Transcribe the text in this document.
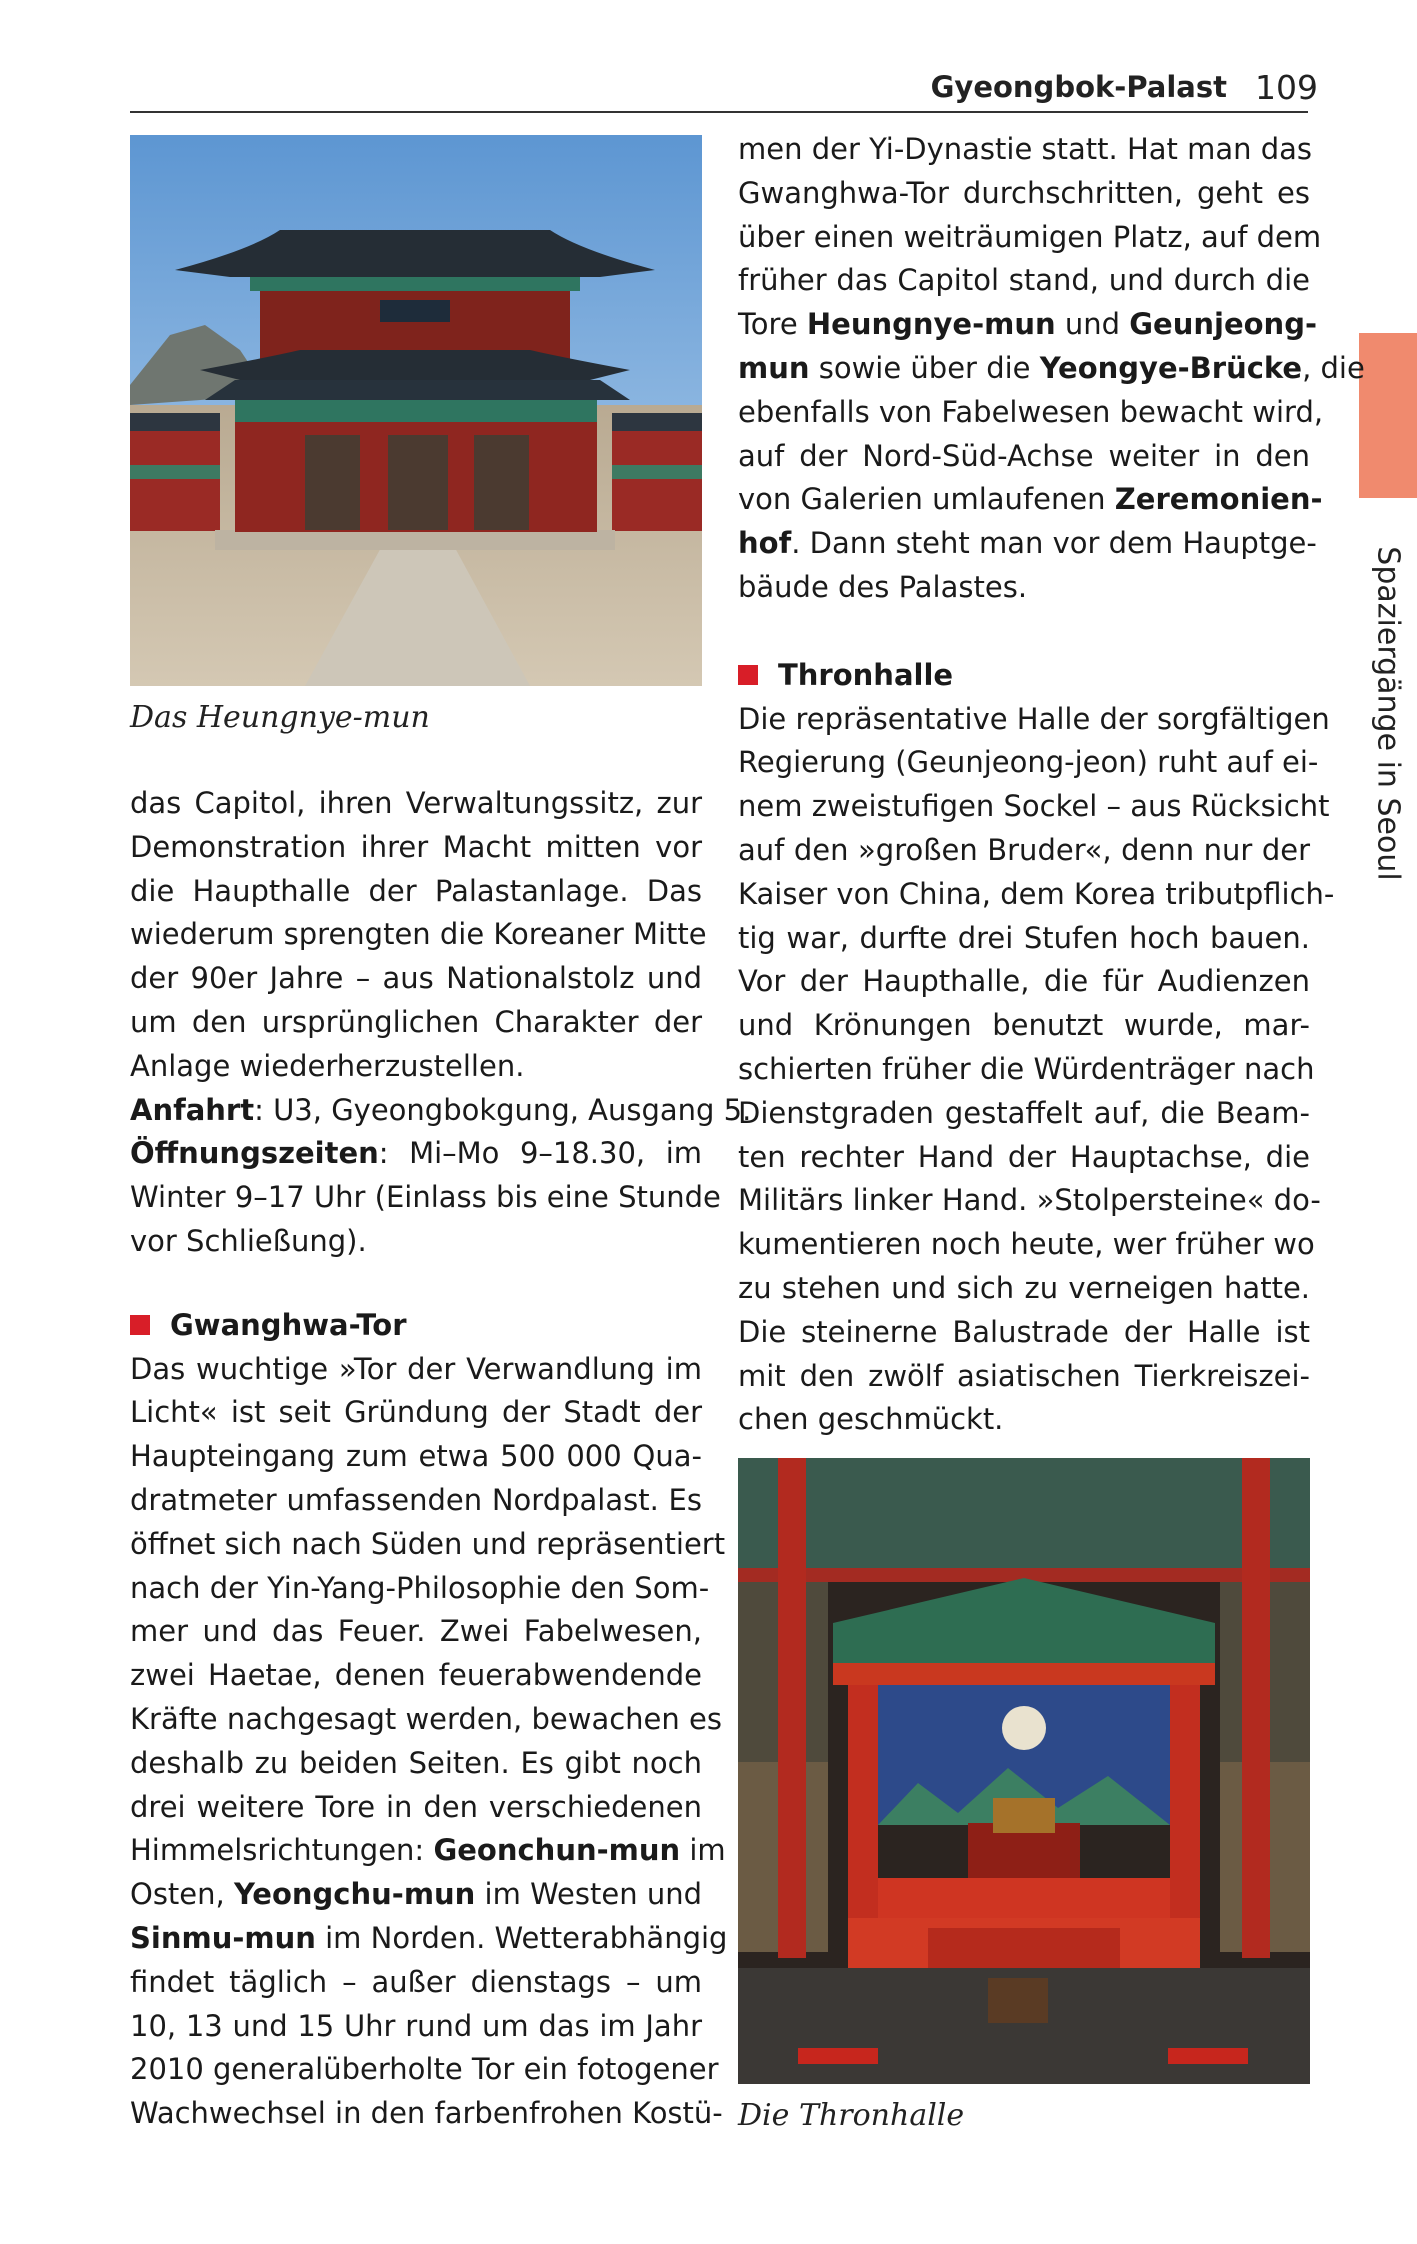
Gyeongbok-Palast 109
Spaziergänge in Seoul
Das Heungnye-mun
das Capitol, ihren Verwaltungssitz, zur
Demonstration ihrer Macht mitten vor
die Haupthalle der Palastanlage. Das
wiederum sprengten die Koreaner Mitte
der 90er Jahre – aus Nationalstolz und
um den ursprünglichen Charakter der
Anlage wiederherzustellen.
Anfahrt: U3, Gyeongbokgung, Ausgang 5.
Öffnungszeiten: Mi–Mo 9–18.30, im
Winter 9–17 Uhr (Einlass bis eine Stunde
vor Schließung).
Gwanghwa-Tor
Das wuchtige »Tor der Verwandlung im
Licht« ist seit Gründung der Stadt der
Haupteingang zum etwa 500 000 Qua-
dratmeter umfassenden Nordpalast. Es
öffnet sich nach Süden und repräsentiert
nach der Yin-Yang-Philosophie den Som-
mer und das Feuer. Zwei Fabelwesen,
zwei Haetae, denen feuerabwendende
Kräfte nachgesagt werden, bewachen es
deshalb zu beiden Seiten. Es gibt noch
drei weitere Tore in den verschiedenen
Himmelsrichtungen: Geonchun-mun im
Osten, Yeongchu-mun im Westen und
Sinmu-mun im Norden. Wetterabhängig
findet täglich – außer dienstags – um
10, 13 und 15 Uhr rund um das im Jahr
2010 generalüberholte Tor ein fotogener
Wachwechsel in den farbenfrohen Kostü-
men der Yi-Dynastie statt. Hat man das
Gwanghwa-Tor durchschritten, geht es
über einen weiträumigen Platz, auf dem
früher das Capitol stand, und durch die
Tore Heungnye-mun und Geunjeong-
mun sowie über die Yeongye-Brücke, die
ebenfalls von Fabelwesen bewacht wird,
auf der Nord-Süd-Achse weiter in den
von Galerien umlaufenen Zeremonien-
hof. Dann steht man vor dem Hauptge-
bäude des Palastes.
Thronhalle
Die repräsentative Halle der sorgfältigen
Regierung (Geunjeong-jeon) ruht auf ei-
nem zweistufigen Sockel – aus Rücksicht
auf den »großen Bruder«, denn nur der
Kaiser von China, dem Korea tributpflich-
tig war, durfte drei Stufen hoch bauen.
Vor der Haupthalle, die für Audienzen
und Krönungen benutzt wurde, mar-
schierten früher die Würdenträger nach
Dienstgraden gestaffelt auf, die Beam-
ten rechter Hand der Hauptachse, die
Militärs linker Hand. »Stolpersteine« do-
kumentieren noch heute, wer früher wo
zu stehen und sich zu verneigen hatte.
Die steinerne Balustrade der Halle ist
mit den zwölf asiatischen Tierkreiszei-
chen geschmückt.
Die Thronhalle
